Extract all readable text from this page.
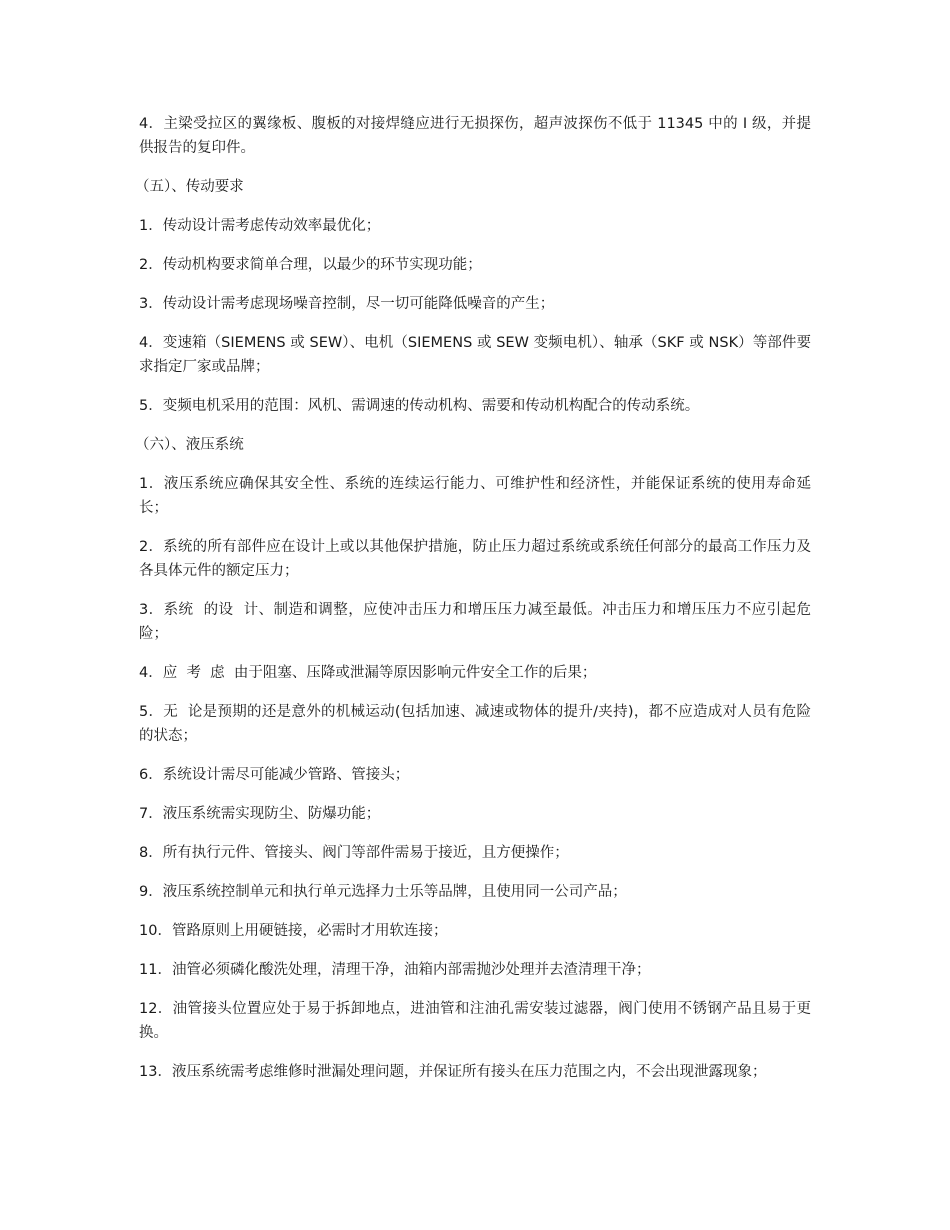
4．主梁受拉区的翼缘板、腹板的对接焊缝应进行无损探伤，超声波探伤不低于 11345 中的 I 级，并提供报告的复印件。

（五）、传动要求

1．传动设计需考虑传动效率最优化；

2．传动机构要求简单合理，以最少的环节实现功能；

3．传动设计需考虑现场噪音控制，尽一切可能降低噪音的产生；

4．变速箱（SIEMENS 或 SEW）、电机（SIEMENS 或 SEW 变频电机）、轴承（SKF 或 NSK）等部件要求指定厂家或品牌；

5．变频电机采用的范围：风机、需调速的传动机构、需要和传动机构配合的传动系统。

（六）、液压系统

1．液压系统应确保其安全性、系统的连续运行能力、可维护性和经济性，并能保证系统的使用寿命延长；

2．系统的所有部件应在设计上或以其他保护措施，防止压力超过系统或系统任何部分的最高工作压力及各具体元件的额定压力；

3．系统  的设  计、制造和调整，应使冲击压力和增压压力减至最低。冲击压力和增压压力不应引起危险；

4．应  考  虑  由于阻塞、压降或泄漏等原因影响元件安全工作的后果；

5．无  论是预期的还是意外的机械运动(包括加速、减速或物体的提升/夹持)，都不应造成对人员有危险的状态；

6．系统设计需尽可能减少管路、管接头；

7．液压系统需实现防尘、防爆功能；

8．所有执行元件、管接头、阀门等部件需易于接近，且方便操作；

9．液压系统控制单元和执行单元选择力士乐等品牌，且使用同一公司产品；

10．管路原则上用硬链接，必需时才用软连接；

11．油管必须磷化酸洗处理，清理干净，油箱内部需抛沙处理并去渣清理干净；

12．油管接头位置应处于易于拆卸地点，进油管和注油孔需安装过滤器，阀门使用不锈钢产品且易于更换。

13．液压系统需考虑维修时泄漏处理问题，并保证所有接头在压力范围之内，不会出现泄露现象；
